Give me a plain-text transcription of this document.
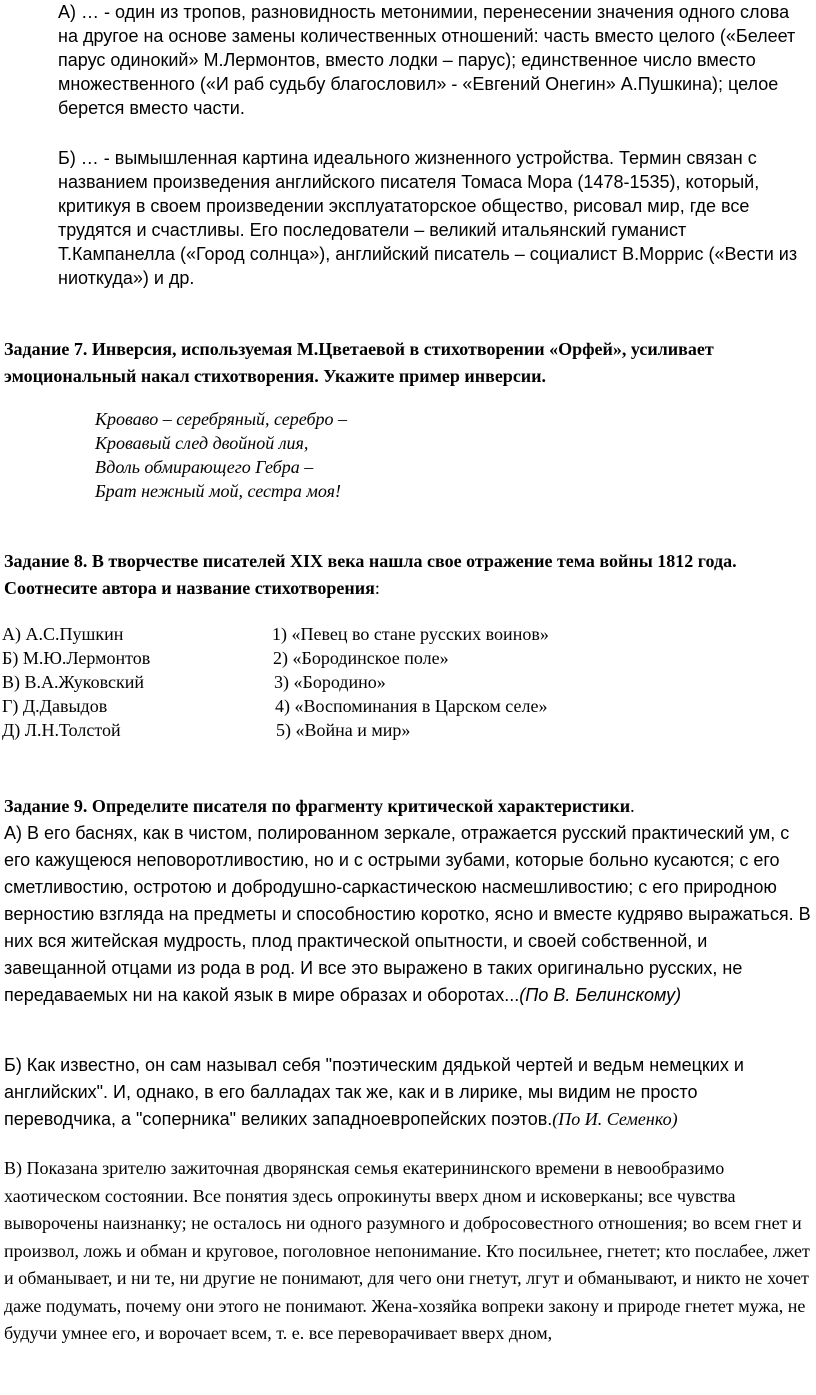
А) … - один из тропов, разновидность метонимии, перенесении значения одного слова на другое на основе замены количественных отношений: часть вместо целого («Белеет парус одинокий» М.Лермонтов, вместо лодки – парус); единственное число вместо множественного («И раб судьбу благословил» - «Евгений Онегин» А.Пушкина); целое берется вместо части.

Б) … - вымышленная картина идеального жизненного устройства. Термин связан с названием произведения английского писателя Томаса Мора (1478-1535), который, критикуя в своем произведении эксплуататорское общество, рисовал мир, где все трудятся и счастливы. Его последователи – великий итальянский гуманист Т.Кампанелла («Город солнца»), английский писатель – социалист В.Моррис («Вести из ниоткуда») и др.

Задание 7. Инверсия, используемая М.Цветаевой в стихотворении «Орфей», усиливает эмоциональный накал стихотворения. Укажите пример инверсии.

Кроваво – серебряный, серебро –

Кровавый след двойной лия,

Вдоль обмирающего Гебра –

Брат нежный мой, сестра моя!

Задание 8. В творчестве писателей XIX века нашла свое отражение тема войны 1812 года. Соотнесите автора и название стихотворения:

А) А.С.Пушкин	1) «Певец во стане русских воинов»
Б) М.Ю.Лермонтов	2) «Бородинское поле»
В) В.А.Жуковский	3) «Бородино»
Г) Д.Давыдов	4) «Воспоминания в Царском селе»
Д) Л.Н.Толстой	5) «Война и мир»

Задание 9. Определите писателя по фрагменту критической характеристики.

А) В его баснях, как в чистом, полированном зеркале, отражается русский практический ум, с его кажущеюся неповоротливостию, но и с острыми зубами, которые больно кусаются; с его сметливостию, остротою и добродушно-саркастическою насмешливостию; с его природною верностию взгляда на предметы и способностию коротко, ясно и вместе кудряво выражаться. В них вся житейская мудрость, плод практической опытности, и своей собственной, и завещанной отцами из рода в род. И все это выражено в таких оригинально русских, не передаваемых ни на какой язык в мире образах и оборотах...(По В. Белинскому)

Б) Как известно, он сам называл себя "поэтическим дядькой чертей и ведьм немецких и английских". И, однако, в его балладах так же, как и в лирике, мы видим не просто переводчика, а "соперника" великих западноевропейских поэтов.(По И. Семенко)

В) Показана зрителю зажиточная дворянская семья екатерининского времени в невообразимо хаотическом состоянии. Все понятия здесь опрокинуты вверх дном и исковерканы; все чувства выворочены наизнанку; не осталось ни одного разумного и добросовестного отношения; во всем гнет и произвол, ложь и обман и круговое, поголовное непонимание. Кто посильнее, гнетет; кто послабее, лжет и обманывает, и ни те, ни другие не понимают, для чего они гнетут, лгут и обманывают, и никто не хочет даже подумать, почему они этого не понимают. Жена-хозяйка вопреки закону и природе гнетет мужа, не будучи умнее его, и ворочает всем, т. е. все переворачивает вверх дном,
